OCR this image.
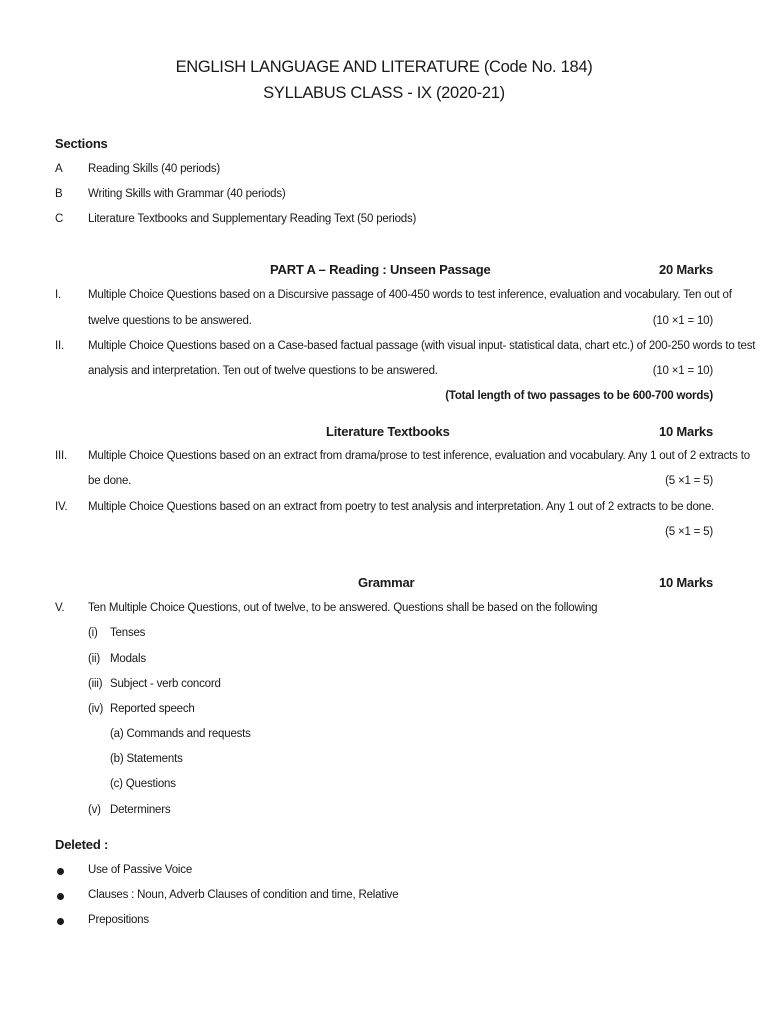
ENGLISH LANGUAGE AND LITERATURE (Code No. 184)
SYLLABUS CLASS - IX (2020-21)
Sections
A Reading Skills (40 periods)
B Writing Skills with Grammar (40 periods)
C Literature Textbooks and Supplementary Reading Text (50 periods)
PART A – Reading : Unseen Passage	20 Marks
I. Multiple Choice Questions based on a Discursive passage of 400-450 words to test inference, evaluation and vocabulary. Ten out of
twelve questions to be answered.	(10 ×1 = 10)
II. Multiple Choice Questions based on a Case-based factual passage (with visual input- statistical data, chart etc.) of 200-250 words to test
analysis and interpretation. Ten out of twelve questions to be answered.	(10 ×1 = 10)
(Total length of two passages to be 600-700 words)
Literature Textbooks	10 Marks
III. Multiple Choice Questions based on an extract from drama/prose to test inference, evaluation and vocabulary. Any 1 out of 2 extracts to
be done.	(5 ×1 = 5)
IV. Multiple Choice Questions based on an extract from poetry to test analysis and interpretation. Any 1 out of 2 extracts to be done.
(5 ×1 = 5)
Grammar	10 Marks
V. Ten Multiple Choice Questions, out of twelve, to be answered. Questions shall be based on the following
(i) Tenses
(ii) Modals
(iii) Subject - verb concord
(iv) Reported speech
(a) Commands and requests
(b) Statements
(c) Questions
(v) Determiners
Deleted :
Use of Passive Voice
Clauses : Noun, Adverb Clauses of condition and time, Relative
Prepositions
